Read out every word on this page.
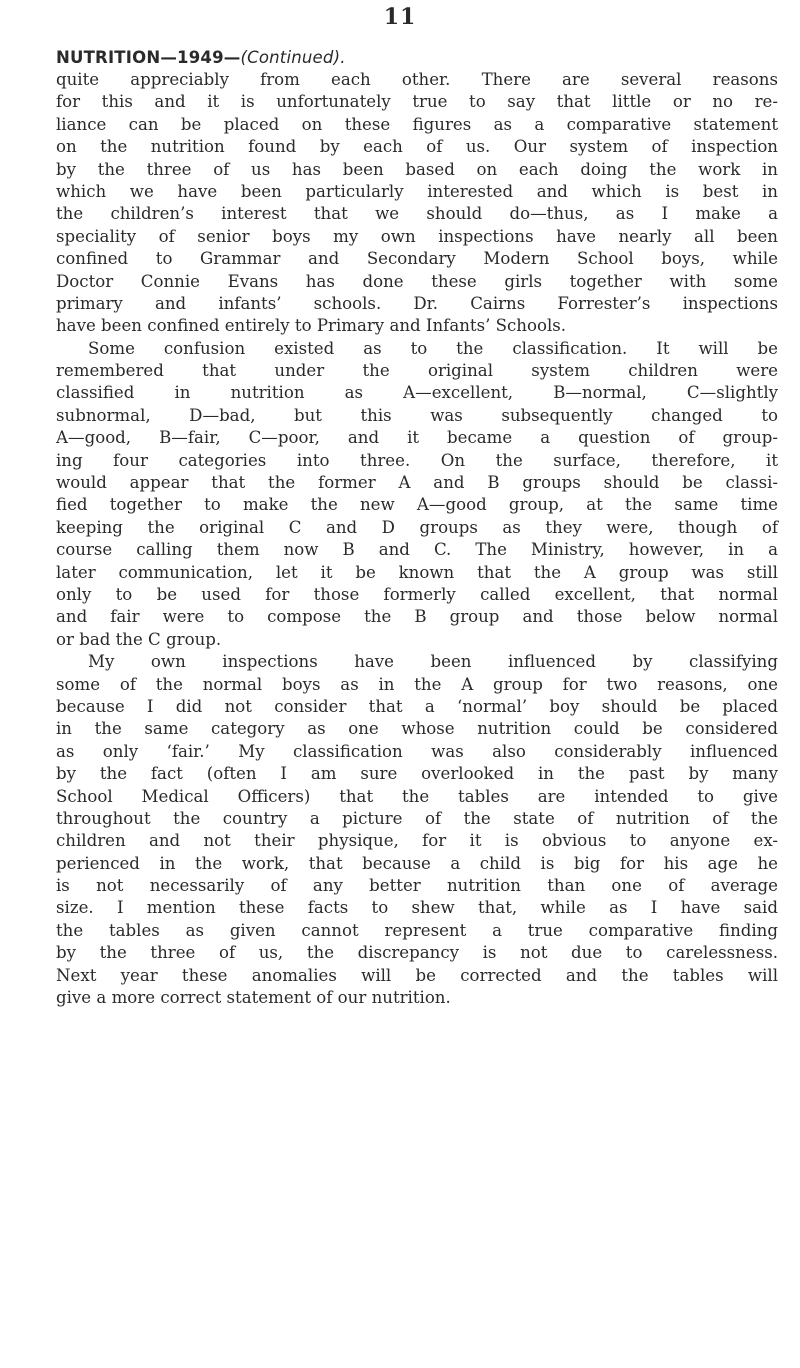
11
NUTRITION—1949—(Continued).
quite appreciably from each other. There are several reasons
for this and it is unfortunately true to say that little or no re-
liance can be placed on these figures as a comparative statement
on the nutrition found by each of us. Our system of inspection
by the three of us has been based on each doing the work in
which we have been particularly interested and which is best in
the children’s interest that we should do—thus, as I make a
speciality of senior boys my own inspections have nearly all been
confined to Grammar and Secondary Modern School boys, while
Doctor Connie Evans has done these girls together with some
primary and infants’ schools. Dr. Cairns Forrester’s inspections
have been confined entirely to Primary and Infants’ Schools.
Some confusion existed as to the classification. It will be
remembered that under the original system children were
classified in nutrition as A—excellent, B—normal, C—slightly
subnormal, D—bad, but this was subsequently changed to
A—good, B—fair, C—poor, and it became a question of group-
ing four categories into three. On the surface, therefore, it
would appear that the former A and B groups should be classi-
fied together to make the new A—good group, at the same time
keeping the original C and D groups as they were, though of
course calling them now B and C. The Ministry, however, in a
later communication, let it be known that the A group was still
only to be used for those formerly called excellent, that normal
and fair were to compose the B group and those below normal
or bad the C group.
My own inspections have been influenced by classifying
some of the normal boys as in the A group for two reasons, one
because I did not consider that a ‘normal’ boy should be placed
in the same category as one whose nutrition could be considered
as only ‘fair.’ My classification was also considerably influenced
by the fact (often I am sure overlooked in the past by many
School Medical Officers) that the tables are intended to give
throughout the country a picture of the state of nutrition of the
children and not their physique, for it is obvious to anyone ex-
perienced in the work, that because a child is big for his age he
is not necessarily of any better nutrition than one of average
size. I mention these facts to shew that, while as I have said
the tables as given cannot represent a true comparative finding
by the three of us, the discrepancy is not due to carelessness.
Next year these anomalies will be corrected and the tables will
give a more correct statement of our nutrition.
